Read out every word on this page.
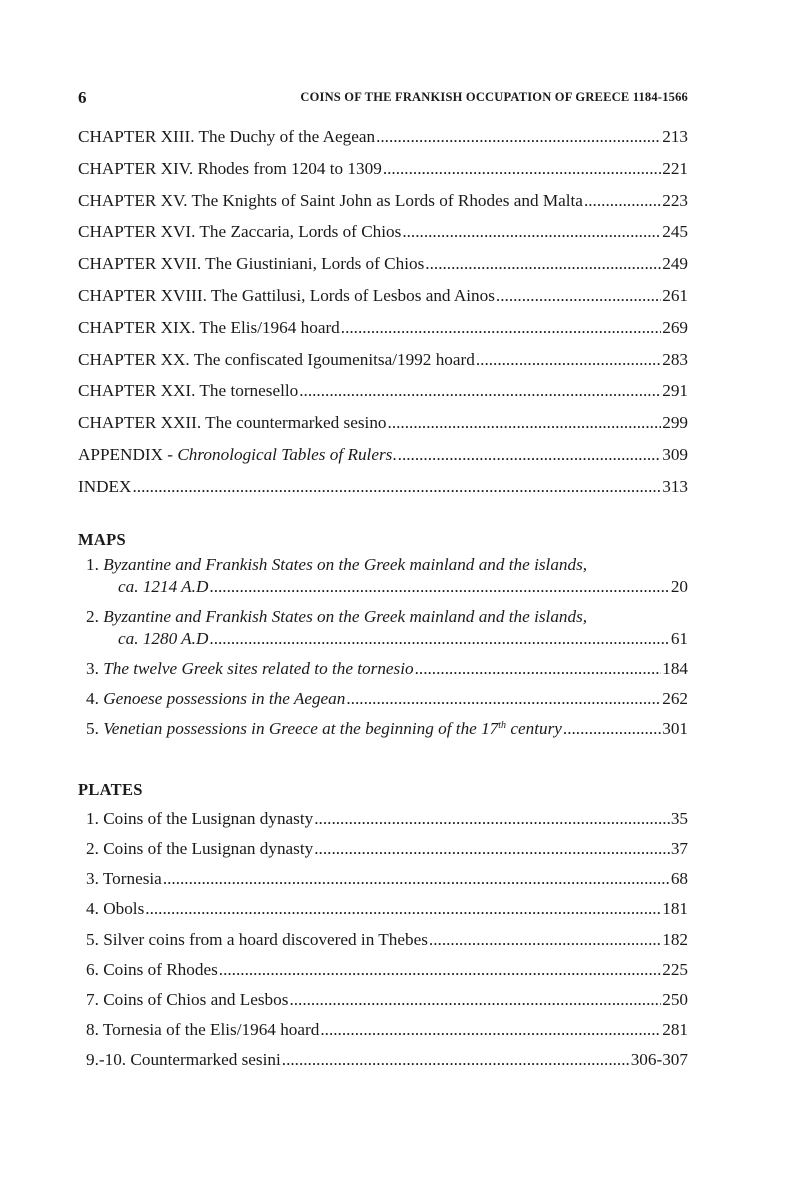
6	COINS OF THE FRANKISH OCCUPATION OF GREECE 1184-1566
CHAPTER XIII. The Duchy of the Aegean .....	213
CHAPTER XIV. Rhodes from 1204 to 1309 .....	221
CHAPTER XV. The Knights of Saint John as Lords of Rhodes and Malta .....	223
CHAPTER XVI. The Zaccaria, Lords of Chios .....	245
CHAPTER XVII. The Giustiniani, Lords of Chios .....	249
CHAPTER XVIII. The Gattilusi, Lords of Lesbos and Ainos .....	261
CHAPTER XIX. The Elis/1964 hoard .....	269
CHAPTER XX. The confiscated Igoumenitsa/1992 hoard .....	283
CHAPTER XXI. The tornesello .....	291
CHAPTER XXII. The countermarked sesino .....	299
APPENDIX - Chronological Tables of Rulers. .....	309
INDEX .....	313
MAPS
1. Byzantine and Frankish States on the Greek mainland and the islands,
ca. 1214 A.D .....	20
2. Byzantine and Frankish States on the Greek mainland and the islands,
ca. 1280 A.D .....	61
3. The twelve Greek sites related to the tornesio .....	184
4. Genoese possessions in the Aegean .....	262
5. Venetian possessions in Greece at the beginning of the 17th century .....	301
PLATES
1. Coins of the Lusignan dynasty .....	35
2. Coins of the Lusignan dynasty .....	37
3. Tornesia .....	68
4. Obols .....	181
5. Silver coins from a hoard discovered in Thebes .....	182
6. Coins of Rhodes .....	225
7. Coins of Chios and Lesbos .....	250
8. Tornesia of the Elis/1964 hoard .....	281
9.-10. Countermarked sesini .....	306-307
